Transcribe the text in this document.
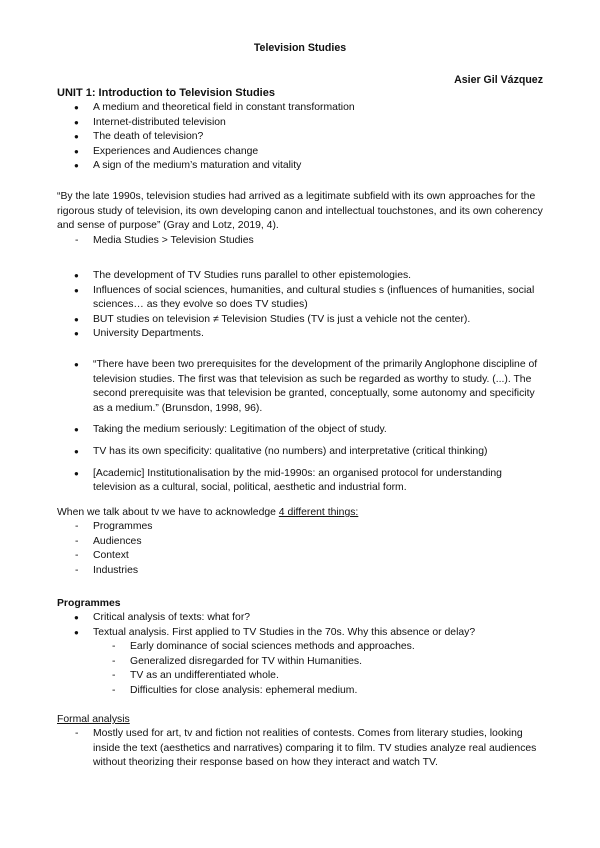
Television Studies
Asier Gil Vázquez
UNIT 1: Introduction to Television Studies
● A medium and theoretical field in constant transformation
● Internet-distributed television
● The death of television?
● Experiences and Audiences change
● A sign of the medium’s maturation and vitality

“By the late 1990s, television studies had arrived as a legitimate subfield with its own approaches for the rigorous study of television, its own developing canon and intellectual touchstones, and its own coherency and sense of purpose” (Gray and Lotz, 2019, 4).

- Media Studies > Television Studies
● The development of TV Studies runs parallel to other epistemologies.
● Influences of social sciences, humanities, and cultural studies s (influences of humanities, social sciences… as they evolve so does TV studies)
● BUT studies on television ≠ Television Studies (TV is just a vehicle not the center).
● University Departments.
● “There have been two prerequisites for the development of the primarily Anglophone discipline of television studies. The first was that television as such be regarded as worthy to study. (...). The second prerequisite was that television be granted, conceptually, some autonomy and specificity as a medium.” (Brunsdon, 1998, 96).
● Taking the medium seriously: Legitimation of the object of study.
● TV has its own specificity: qualitative (no numbers) and interpretative (critical thinking)
● [Academic] Institutionalisation by the mid-1990s: an organised protocol for understanding television as a cultural, social, political, aesthetic and industrial form.

When we talk about tv we have to acknowledge 4 different things:

- Programmes
- Audiences
- Context
- Industries

Programmes

● Critical analysis of texts: what for?
● Textual analysis. First applied to TV Studies in the 70s. Why this absence or delay?
- Early dominance of social sciences methods and approaches.
- Generalized disregarded for TV within Humanities.
- TV as an undifferentiated whole.
- Difficulties for close analysis: ephemeral medium.

Formal analysis

- Mostly used for art, tv and fiction not realities of contests. Comes from literary studies, looking inside the text (aesthetics and narratives) comparing it to film. TV studies analyze real audiences without theorizing their response based on how they interact and watch TV.
